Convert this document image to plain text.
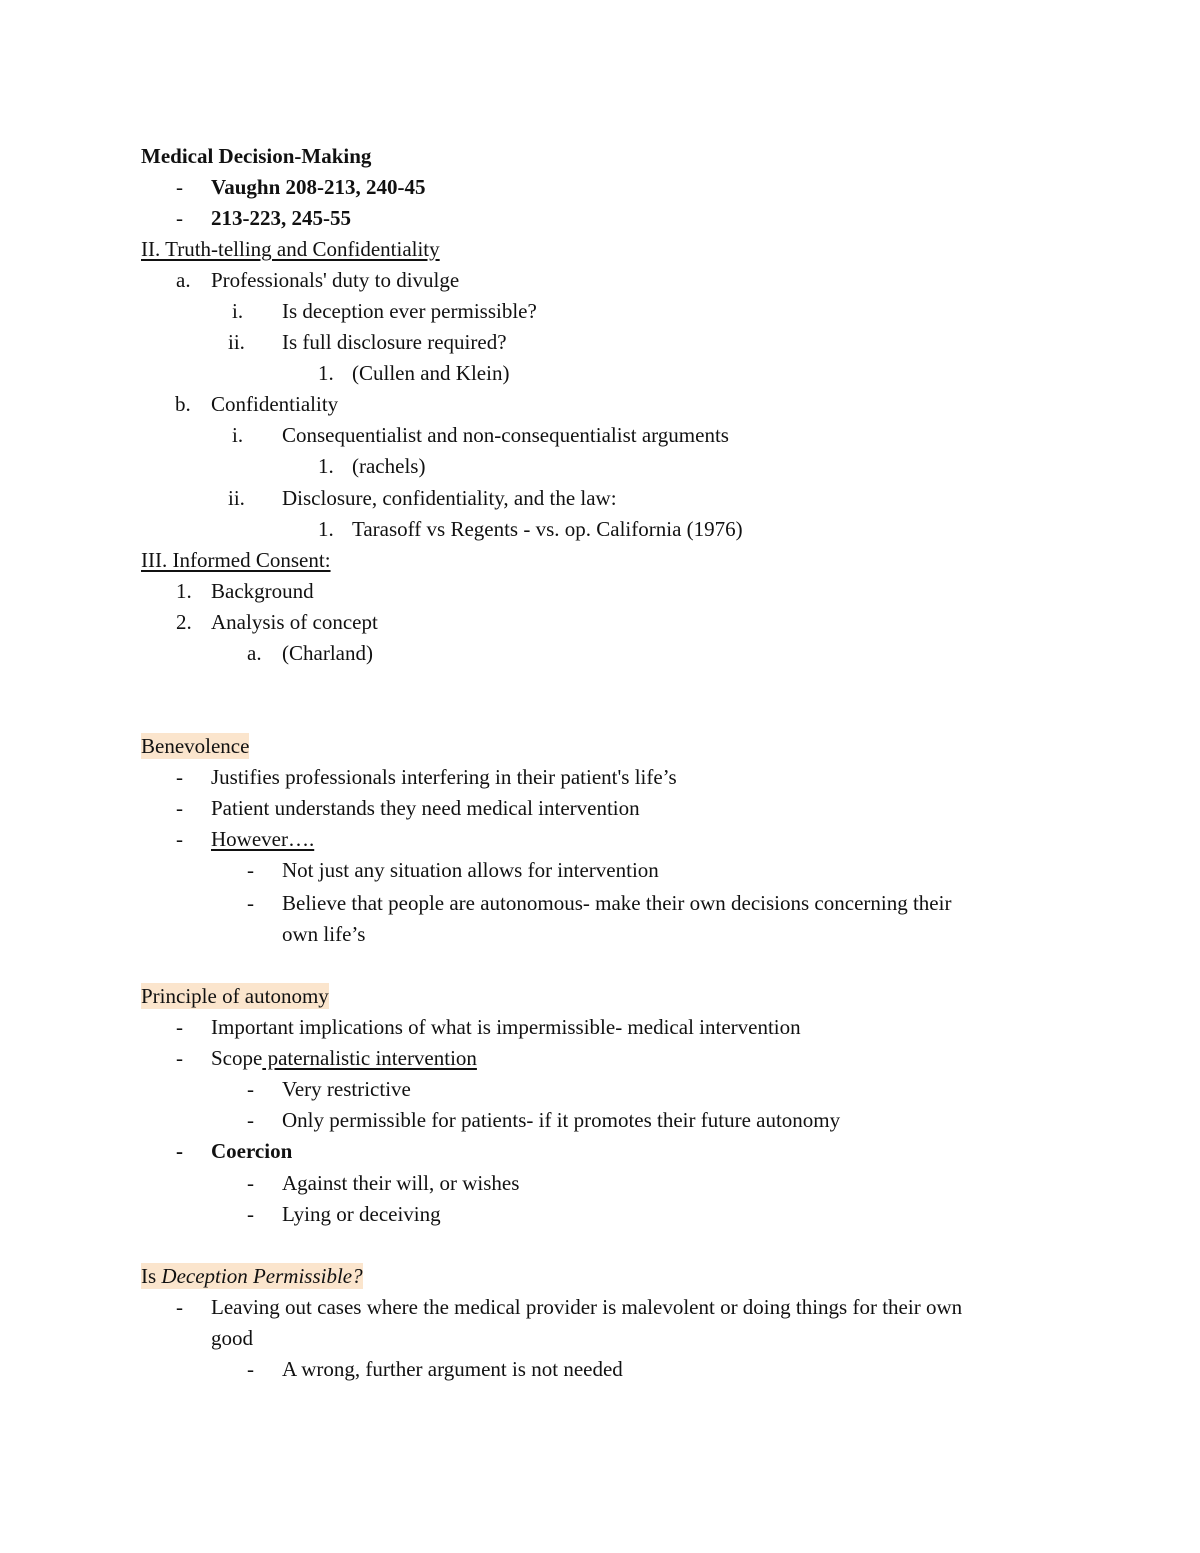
Medical Decision-Making
- Vaughn 208-213, 240-45
- 213-223, 245-55
II. Truth-telling and Confidentiality
a. Professionals' duty to divulge
i. Is deception ever permissible?
ii. Is full disclosure required?
1. (Cullen and Klein)
b. Confidentiality
i. Consequentialist and non-consequentialist arguments
1. (rachels)
ii. Disclosure, confidentiality, and the law:
1. Tarasoff vs Regents - vs. op. California (1976)
III. Informed Consent:
1. Background
2. Analysis of concept
a. (Charland)
Benevolence
- Justifies professionals interfering in their patient's life’s
- Patient understands they need medical intervention
- However….
- Not just any situation allows for intervention
- Believe that people are autonomous- make their own decisions concerning their
own life’s
Principle of autonomy
- Important implications of what is impermissible- medical intervention
- Scope paternalistic intervention
- Very restrictive
- Only permissible for patients- if it promotes their future autonomy
- Coercion
- Against their will, or wishes
- Lying or deceiving
Is Deception Permissible?
- Leaving out cases where the medical provider is malevolent or doing things for their own
good
- A wrong, further argument is not needed
